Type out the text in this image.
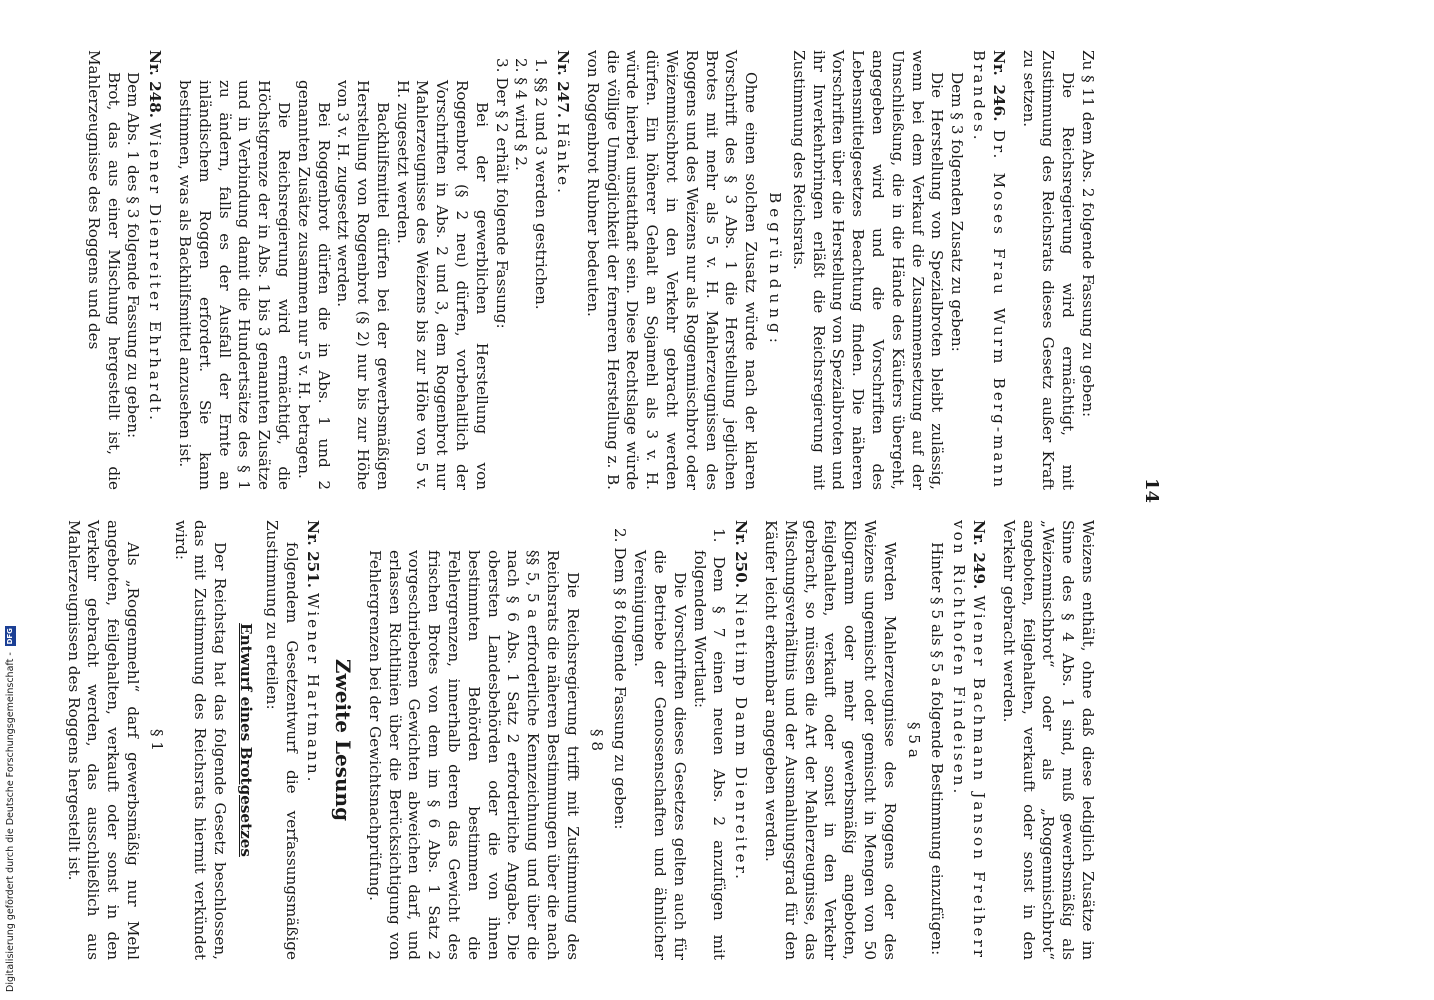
14

Zu § 11 dem Abs. 2 folgende Fassung zu geben:

Die Reichsregierung wird ermächtigt, mit Zustimmung des Reichsrats dieses Gesetz außer Kraft zu setzen.

Nr. 246. Dr. Moses Frau Wurm Berg-mann Brandes.

Dem § 3 folgenden Zusatz zu geben:

Die Herstellung von Spezialbroten bleibt zulässig, wenn bei dem Verkauf die Zusammensetzung auf der Umschließung, die in die Hände des Käufers übergeht, angegeben wird und die Vorschriften des Lebensmittelgesetzes Beachtung finden. Die näheren Vorschriften über die Herstellung von Spezialbroten und ihr Inverkehrbringen erläßt die Reichsregierung mit Zustimmung des Reichsrats.

Begründung:

Ohne einen solchen Zusatz würde nach der klaren Vorschrift des § 3 Abs. 1 die Herstellung jeglichen Brotes mit mehr als 5 v. H. Mahlerzeugnissen des Roggens und des Weizens nur als Roggenmischbrot oder Weizenmischbrot in den Verkehr gebracht werden dürfen. Ein höherer Gehalt an Sojamehl als 3 v. H. würde hierbei unstatthaft sein. Diese Rechtslage würde die völlige Unmöglichkeit der ferneren Herstellung z. B. von Roggenbrot Rubner bedeuten.

Nr. 247. Hänke.

1. §§ 2 und 3 werden gestrichen.

2. § 4 wird § 2.

3. Der § 2 erhält folgende Fassung:

Bei der gewerblichen Herstellung von Roggenbrot (§ 2 neu) dürfen, vorbehaltlich der Vorschriften in Abs. 2 und 3, dem Roggenbrot nur Mahlerzeugnisse des Weizens bis zur Höhe von 5 v. H. zugesetzt werden.

Backhilfsmittel dürfen bei der gewerbsmäßigen Herstellung von Roggenbrot (§ 2) nur bis zur Höhe von 3 v. H. zugesetzt werden.

Bei Roggenbrot dürfen die in Abs. 1 und 2 genannten Zusätze zusammen nur 5 v. H. betragen.

Die Reichsregierung wird ermächtigt, die Höchstgrenze der in Abs. 1 bis 3 genannten Zusätze und in Verbindung damit die Hundertsätze des § 1 zu ändern, falls es der Ausfall der Ernte an inländischem Roggen erfordert. Sie kann bestimmen, was als Backhilfsmittel anzusehen ist.

Nr. 248. Wiener Dienreiter Ehrhardt.

Dem Abs. 1 des § 3 folgende Fassung zu geben:

Brot, das aus einer Mischung hergestellt ist, die Mahlerzeugnisse des Roggens und des

Weizens enthält, ohne daß diese lediglich Zusätze im Sinne des § 4 Abs. 1 sind, muß gewerbsmäßig als „Weizenmischbrot“ oder als „Roggenmischbrot“ angeboten, feilgehalten, verkauft oder sonst in den Verkehr gebracht werden.

Nr. 249. Wiener Bachmann Janson Freiherr von Richthofen Findeisen.

Hinter § 5 als § 5 a folgende Bestimmung einzufügen:

§ 5 a

Werden Mahlerzeugnisse des Roggens oder des Weizens ungemischt oder gemischt in Mengen von 50 Kilogramm oder mehr gewerbsmäßig angeboten, feilgehalten, verkauft oder sonst in den Verkehr gebracht, so müssen die Art der Mahlerzeugnisse, das Mischungsverhältnis und der Ausmahlungsgrad für den Käufer leicht erkennbar angegeben werden.

Nr. 250. Nientimp Damm Dienreiter.

1. Dem § 7 einen neuen Abs. 2 anzufügen mit folgendem Wortlaut:

Die Vorschriften dieses Gesetzes gelten auch für die Betriebe der Genossenschaften und ähnlicher Vereinigungen.

2. Dem § 8 folgende Fassung zu geben:

§ 8

Die Reichsregierung trifft mit Zustimmung des Reichsrats die näheren Bestimmungen über die nach §§ 5, 5 a erforderliche Kennzeichnung und über die nach § 6 Abs. 1 Satz 2 erforderliche Angabe. Die obersten Landesbehörden oder die von ihnen bestimmten Behörden bestimmen die Fehlergrenzen, innerhalb deren das Gewicht des frischen Brotes von dem im § 6 Abs. 1 Satz 2 vorgeschriebenen Gewichten abweichen darf, und erlassen Richtlinien über die Berücksichtigung von Fehlergrenzen bei der Gewichtsnachprüfung.

Zweite Lesung

Nr. 251. Wiener Hartmann.

folgendem Gesetzentwurf die verfassungsmäßige Zustimmung zu erteilen:

Entwurf eines Brotgesetzes

Der Reichstag hat das folgende Gesetz beschlossen, das mit Zustimmung des Reichsrats hiermit verkündet wird:

§ 1

Als „Roggenmehl“ darf gewerbsmäßig nur Mehl angeboten, feilgehalten, verkauft oder sonst in den Verkehr gebracht werden, das ausschließlich aus Mahlerzeugnissen des Roggens hergestellt ist.

Digitalisierung gefördert durch die Deutsche Forschungsgemeinschaft -
DFG
